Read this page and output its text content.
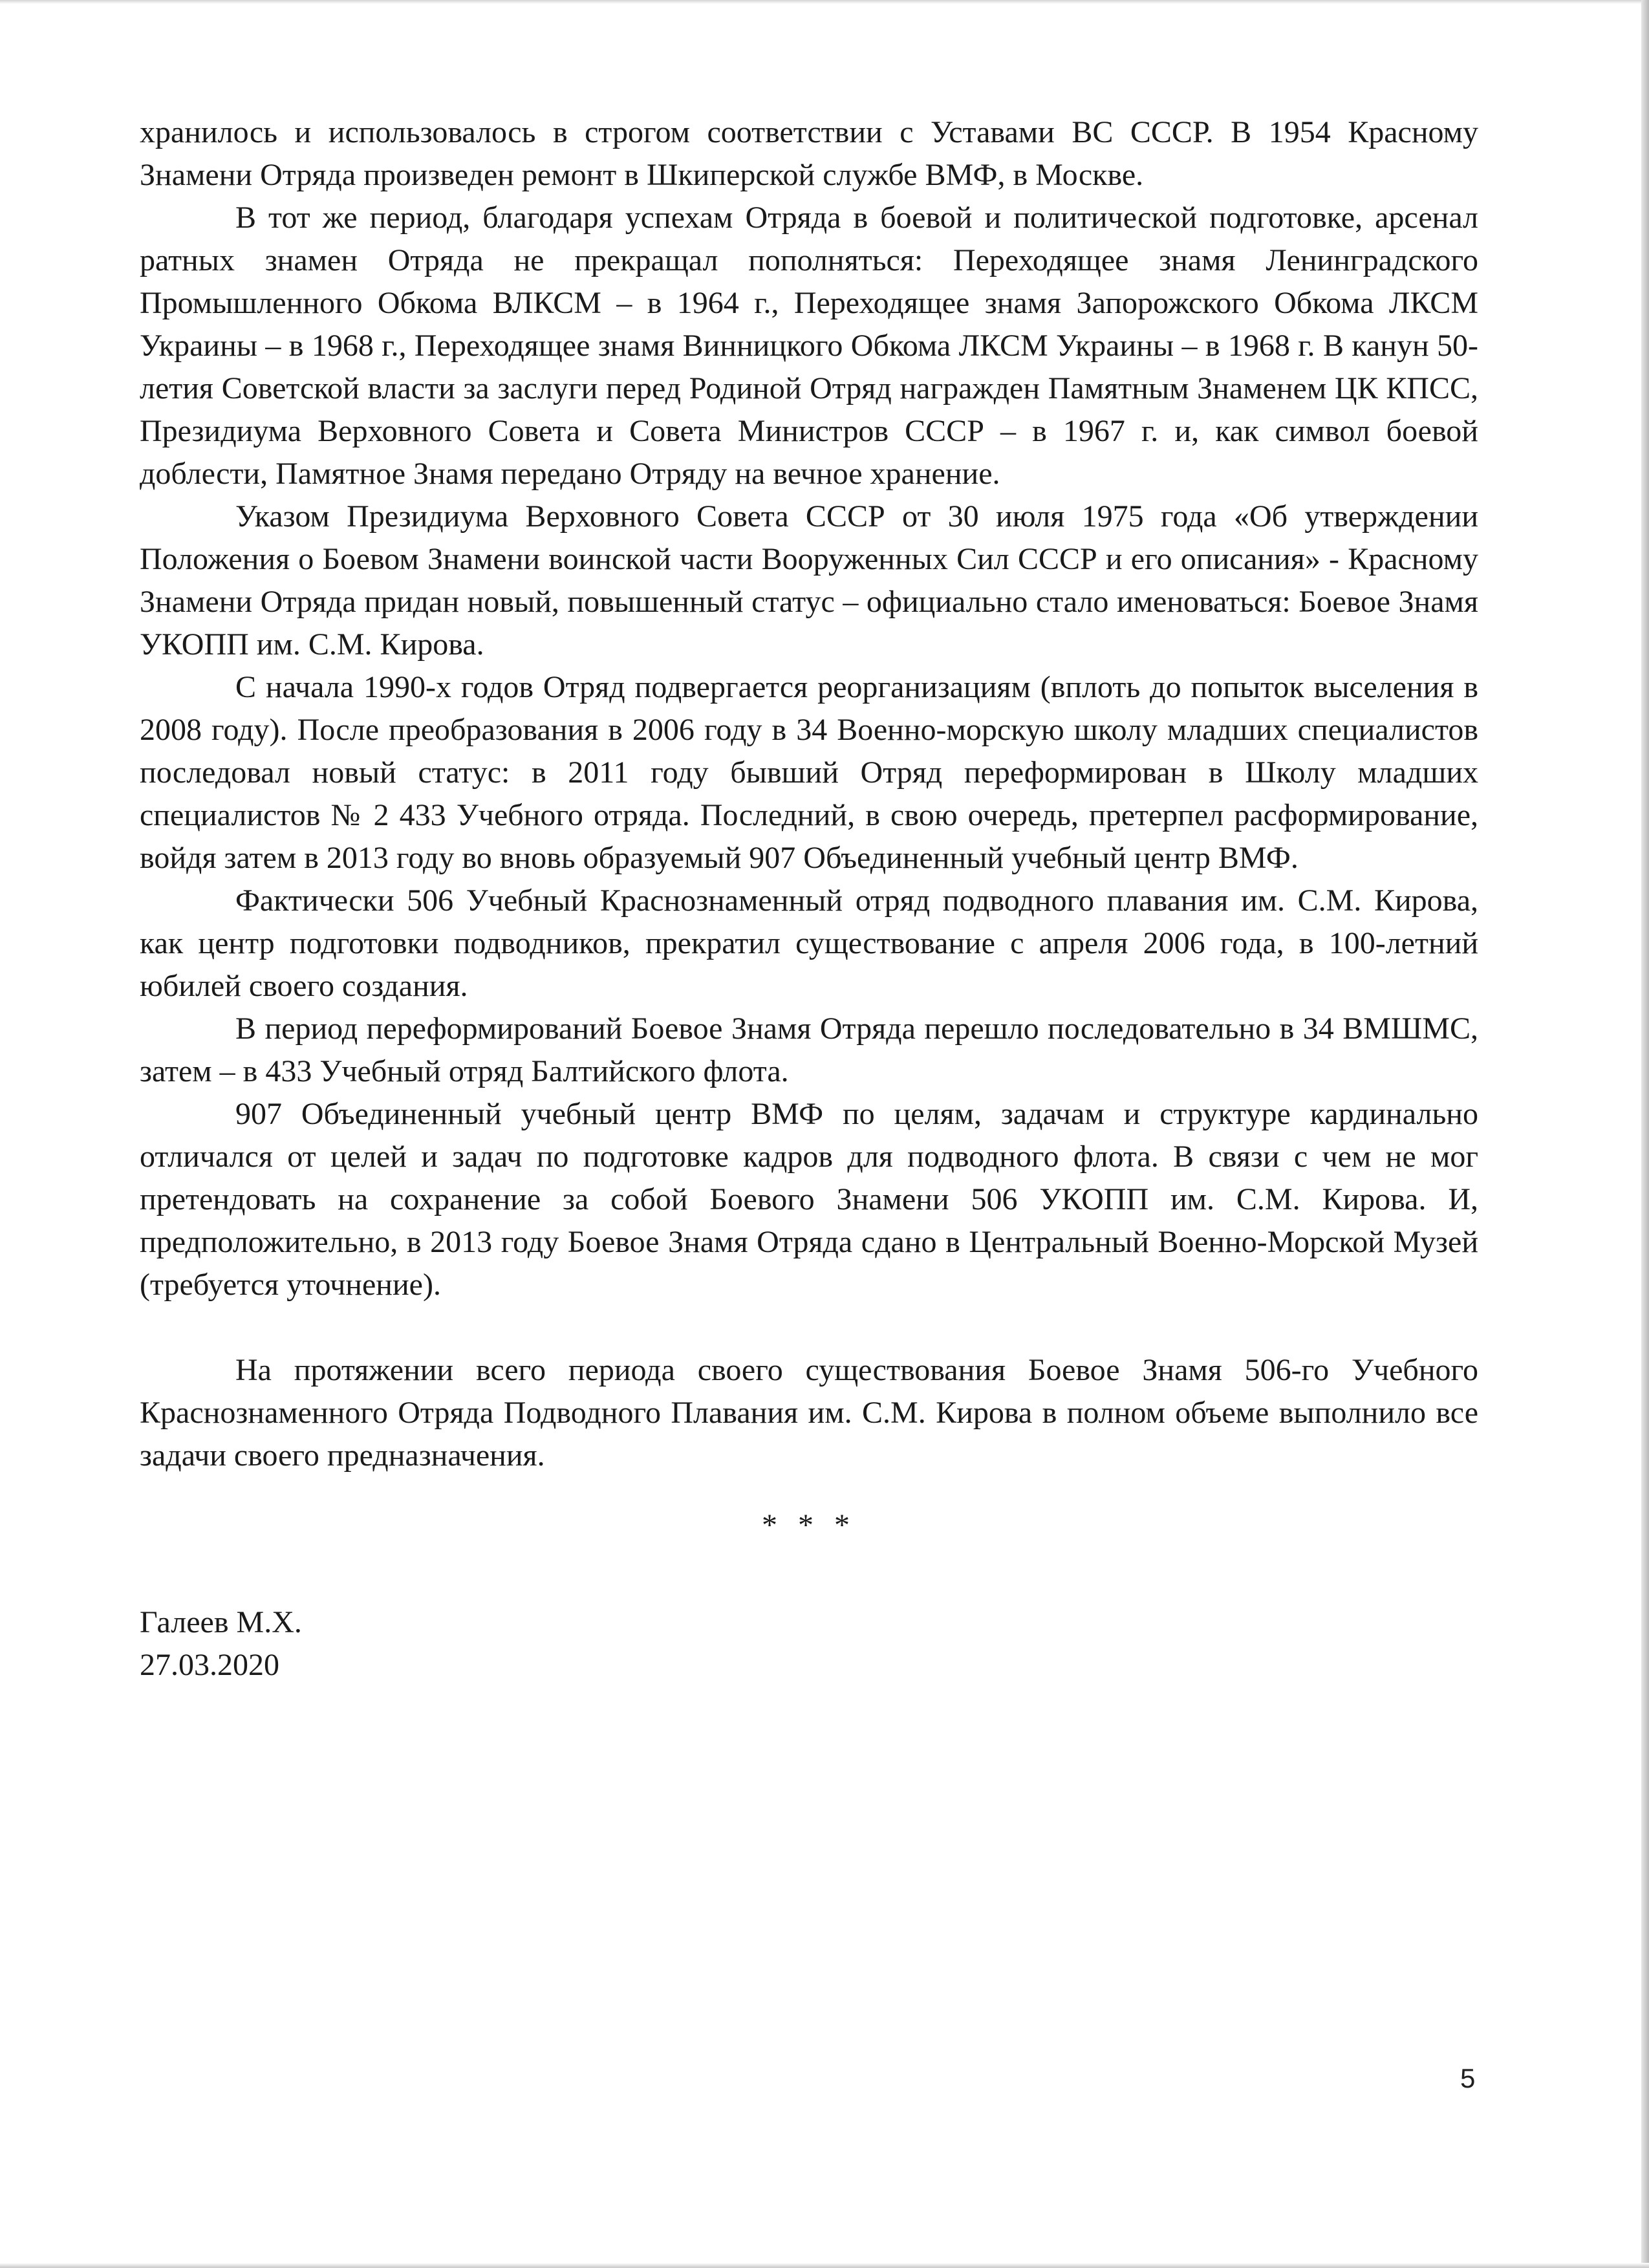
хранилось и использовалось в строгом соответствии с Уставами ВС СССР. В 1954 Красному Знамени Отряда произведен ремонт в Шкиперской службе ВМФ, в Москве.

В тот же период, благодаря успехам Отряда в боевой и политической подготовке, арсенал ратных знамен Отряда не прекращал пополняться: Переходящее знамя Ленинградского Промышленного Обкома ВЛКСМ – в 1964 г., Переходящее знамя Запорожского Обкома ЛКСМ Украины – в 1968 г., Переходящее знамя Винницкого Обкома ЛКСМ Украины – в 1968 г. В канун 50-летия Советской власти за заслуги перед Родиной Отряд награжден Памятным Знаменем ЦК КПСС, Президиума Верховного Совета и Совета Министров СССР – в 1967 г. и, как символ боевой доблести, Памятное Знамя передано Отряду на вечное хранение.

Указом Президиума Верховного Совета СССР от 30 июля 1975 года «Об утверждении Положения о Боевом Знамени воинской части Вооруженных Сил СССР и его описания» - Красному Знамени Отряда придан новый, повышенный статус – официально стало именоваться: Боевое Знамя УКОПП им. С.М. Кирова.

С начала 1990-х годов Отряд подвергается реорганизациям (вплоть до попыток выселения в 2008 году). После преобразования в 2006 году в 34 Военно-морскую школу младших специалистов последовал новый статус: в 2011 году бывший Отряд переформирован в Школу младших специалистов № 2 433 Учебного отряда. Последний, в свою очередь, претерпел расформирование, войдя затем в 2013 году во вновь образуемый 907 Объединенный учебный центр ВМФ.

Фактически 506 Учебный Краснознаменный отряд подводного плавания им. С.М. Кирова, как центр подготовки подводников, прекратил существование с апреля 2006 года, в 100-летний юбилей своего создания.

В период переформирований Боевое Знамя Отряда перешло последовательно в 34 ВМШМС, затем – в 433 Учебный отряд Балтийского флота.

907 Объединенный учебный центр ВМФ по целям, задачам и структуре кардинально отличался от целей и задач по подготовке кадров для подводного флота. В связи с чем не мог претендовать на сохранение за собой Боевого Знамени 506 УКОПП им. С.М. Кирова. И, предположительно, в 2013 году Боевое Знамя Отряда сдано в Центральный Военно-Морской Музей (требуется уточнение).

На протяжении всего периода своего существования Боевое Знамя 506-го Учебного Краснознаменного Отряда Подводного Плавания им. С.М. Кирова в полном объеме выполнило все задачи своего предназначения.

* * *
Галеев М.Х.
27.03.2020
5
